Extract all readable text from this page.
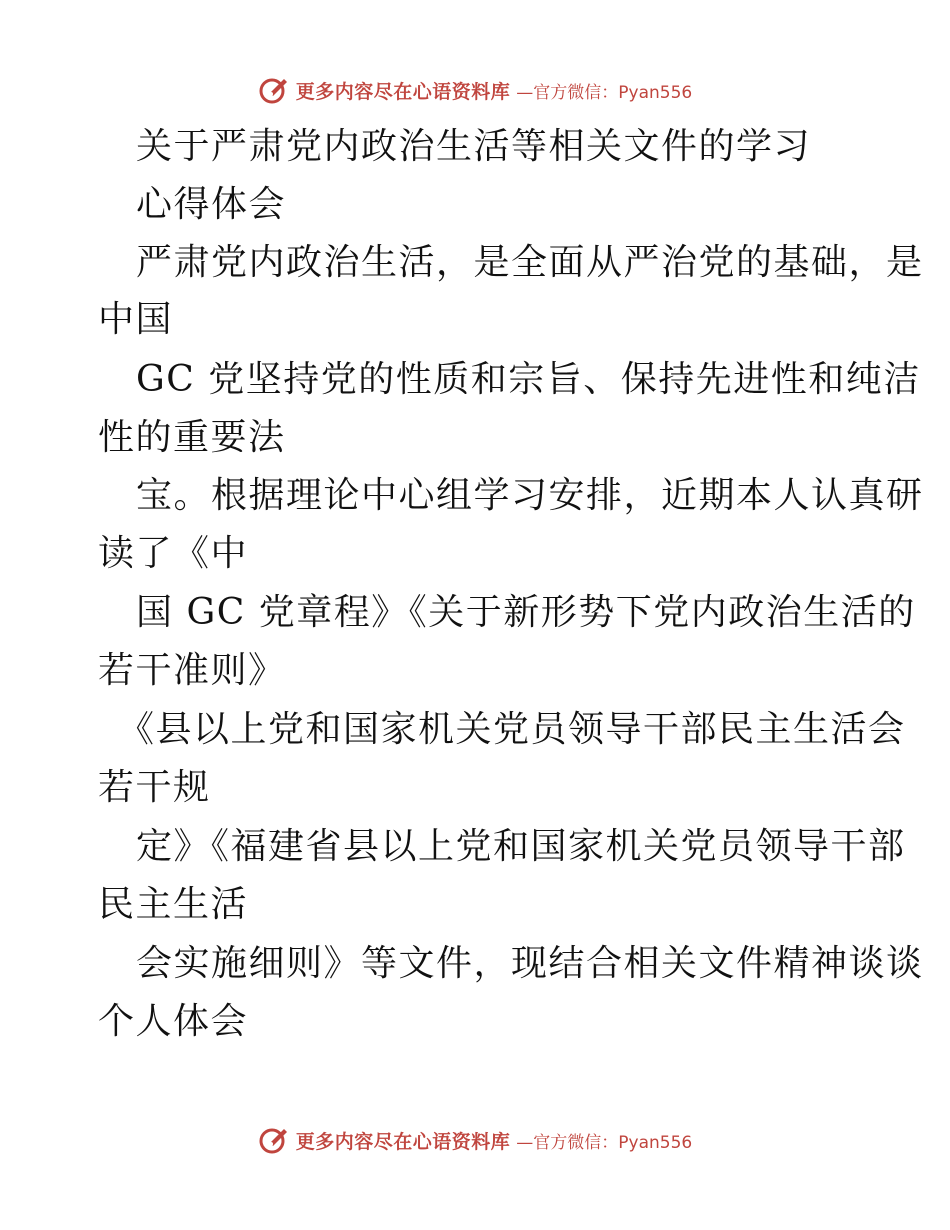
更多内容尽在心语资料库 —官方微信：Pyan556
关于严肃党内政治生活等相关文件的学习
心得体会
严肃党内政治生活，是全面从严治党的基础，是
中国
GC 党坚持党的性质和宗旨、保持先进性和纯洁
性的重要法
宝。根据理论中心组学习安排，近期本人认真研
读了《中
国 GC 党章程》《关于新形势下党内政治生活的
若干准则》
《县以上党和国家机关党员领导干部民主生活会
若干规
定》《福建省县以上党和国家机关党员领导干部
民主生活
会实施细则》等文件，现结合相关文件精神谈谈
个人体会
更多内容尽在心语资料库 —官方微信：Pyan556
